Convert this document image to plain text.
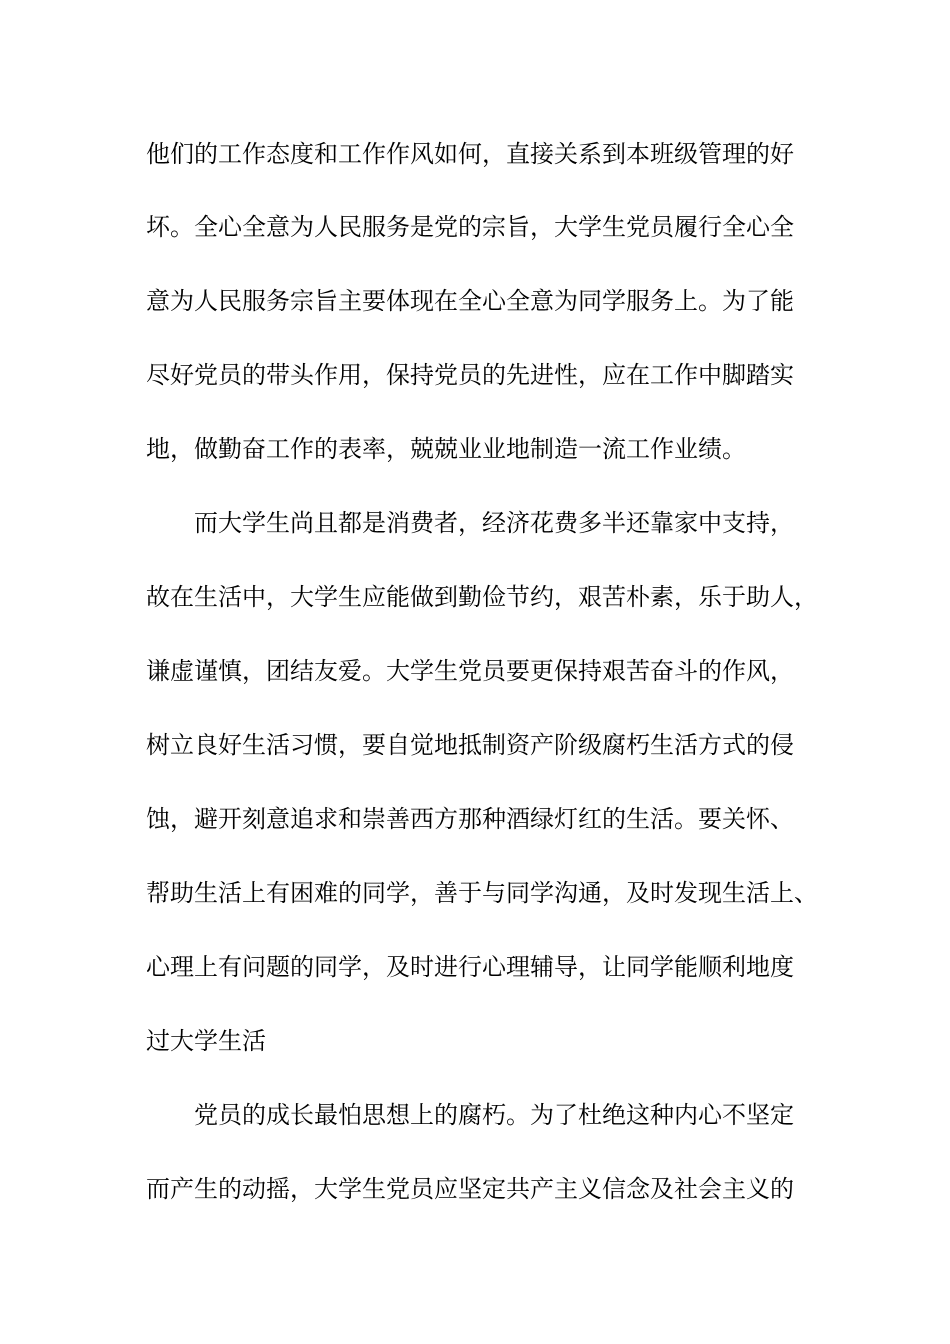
他们的工作态度和工作作风如何，直接关系到本班级管理的好
坏。全心全意为人民服务是党的宗旨，大学生党员履行全心全
意为人民服务宗旨主要体现在全心全意为同学服务上。为了能
尽好党员的带头作用，保持党员的先进性，应在工作中脚踏实
地，做勤奋工作的表率，兢兢业业地制造一流工作业绩。
而大学生尚且都是消费者，经济花费多半还靠家中支持，
故在生活中，大学生应能做到勤俭节约，艰苦朴素，乐于助人，
谦虚谨慎，团结友爱。大学生党员要更保持艰苦奋斗的作风，
树立良好生活习惯，要自觉地抵制资产阶级腐朽生活方式的侵
蚀，避开刻意追求和崇善西方那种酒绿灯红的生活。要关怀、
帮助生活上有困难的同学，善于与同学沟通，及时发现生活上、
心理上有问题的同学，及时进行心理辅导，让同学能顺利地度
过大学生活
党员的成长最怕思想上的腐朽。为了杜绝这种内心不坚定
而产生的动摇，大学生党员应坚定共产主义信念及社会主义的
